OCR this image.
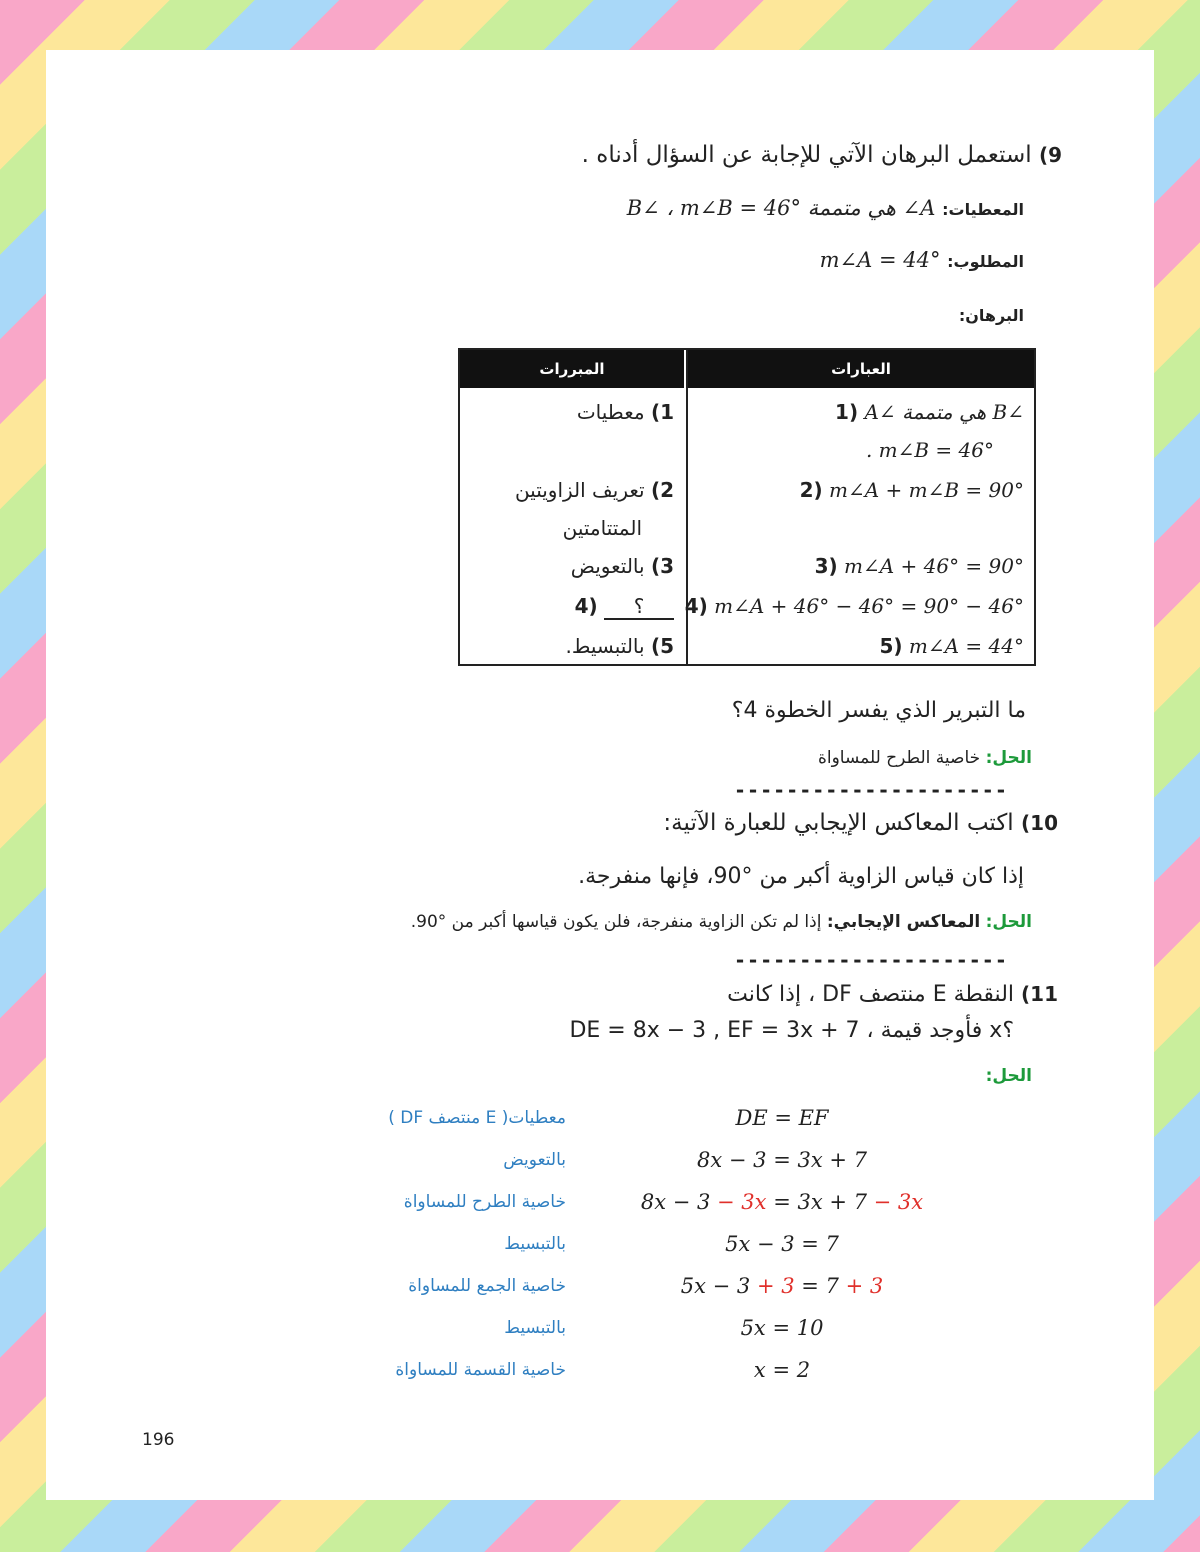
9) استعمل البرهان الآتي للإجابة عن السؤال أدناه .
المعطيات: A∠ هي متممة B∠ ، m∠B = 46°
المطلوب: m∠A = 44°
البرهان:
العبارات
المبررات
1) A∠ هي متممة B∠
. m∠B = 46°
2) m∠A + m∠B = 90°
3) m∠A + 46° = 90°
4) m∠A + 46° − 46° = 90° − 46°
5) m∠A = 44°
1) معطيات
2) تعريف الزاويتين
المتتامتين
3) بالتعويض
4) ؟
5) بالتبسيط.
ما التبرير الذي يفسر الخطوة 4؟
الحل: خاصية الطرح للمساواة
---------------------
10) اكتب المعاكس الإيجابي للعبارة الآتية:
إذا كان قياس الزاوية أكبر من °90، فإنها منفرجة.
الحل: المعاكس الإيجابي: إذا لم تكن الزاوية منفرجة، فلن يكون قياسها أكبر من °90.
---------------------
11) النقطة E منتصف DF ، إذا كانت
DE = 8x − 3 , EF = 3x + 7 ، فأوجد قيمة x؟
الحل:
DE = EF
معطيات( E منتصف DF )
8x − 3 = 3x + 7
بالتعويض
8x − 3 − 3x = 3x + 7 − 3x
خاصية الطرح للمساواة
5x − 3 = 7
بالتبسيط
5x − 3 + 3 = 7 + 3
خاصية الجمع للمساواة
5x = 10
بالتبسيط
x = 2
خاصية القسمة للمساواة
196
